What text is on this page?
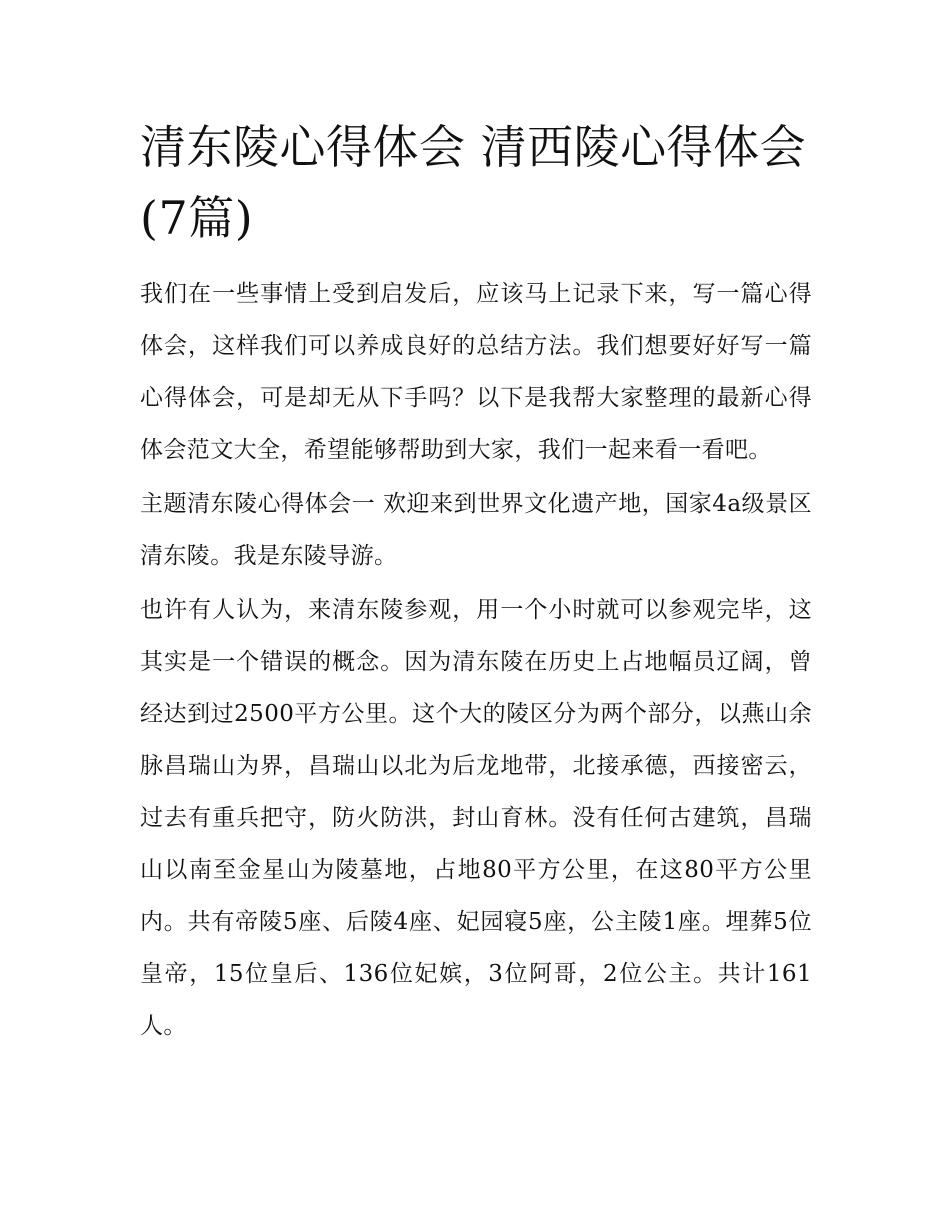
清东陵心得体会 清西陵心得体会(7篇)

我们在一些事情上受到启发后，应该马上记录下来，写一篇心得体会，这样我们可以养成良好的总结方法。我们想要好好写一篇心得体会，可是却无从下手吗？以下是我帮大家整理的最新心得体会范文大全，希望能够帮助到大家，我们一起来看一看吧。

主题清东陵心得体会一 欢迎来到世界文化遗产地，国家4a级景区清东陵。我是东陵导游。

也许有人认为，来清东陵参观，用一个小时就可以参观完毕，这其实是一个错误的概念。因为清东陵在历史上占地幅员辽阔，曾经达到过2500平方公里。这个大的陵区分为两个部分，以燕山余脉昌瑞山为界，昌瑞山以北为后龙地带，北接承德，西接密云，过去有重兵把守，防火防洪，封山育林。没有任何古建筑，昌瑞山以南至金星山为陵墓地，占地80平方公里，在这80平方公里内。共有帝陵5座、后陵4座、妃园寝5座，公主陵1座。埋葬5位皇帝，15位皇后、136位妃嫔，3位阿哥，2位公主。共计161人。
